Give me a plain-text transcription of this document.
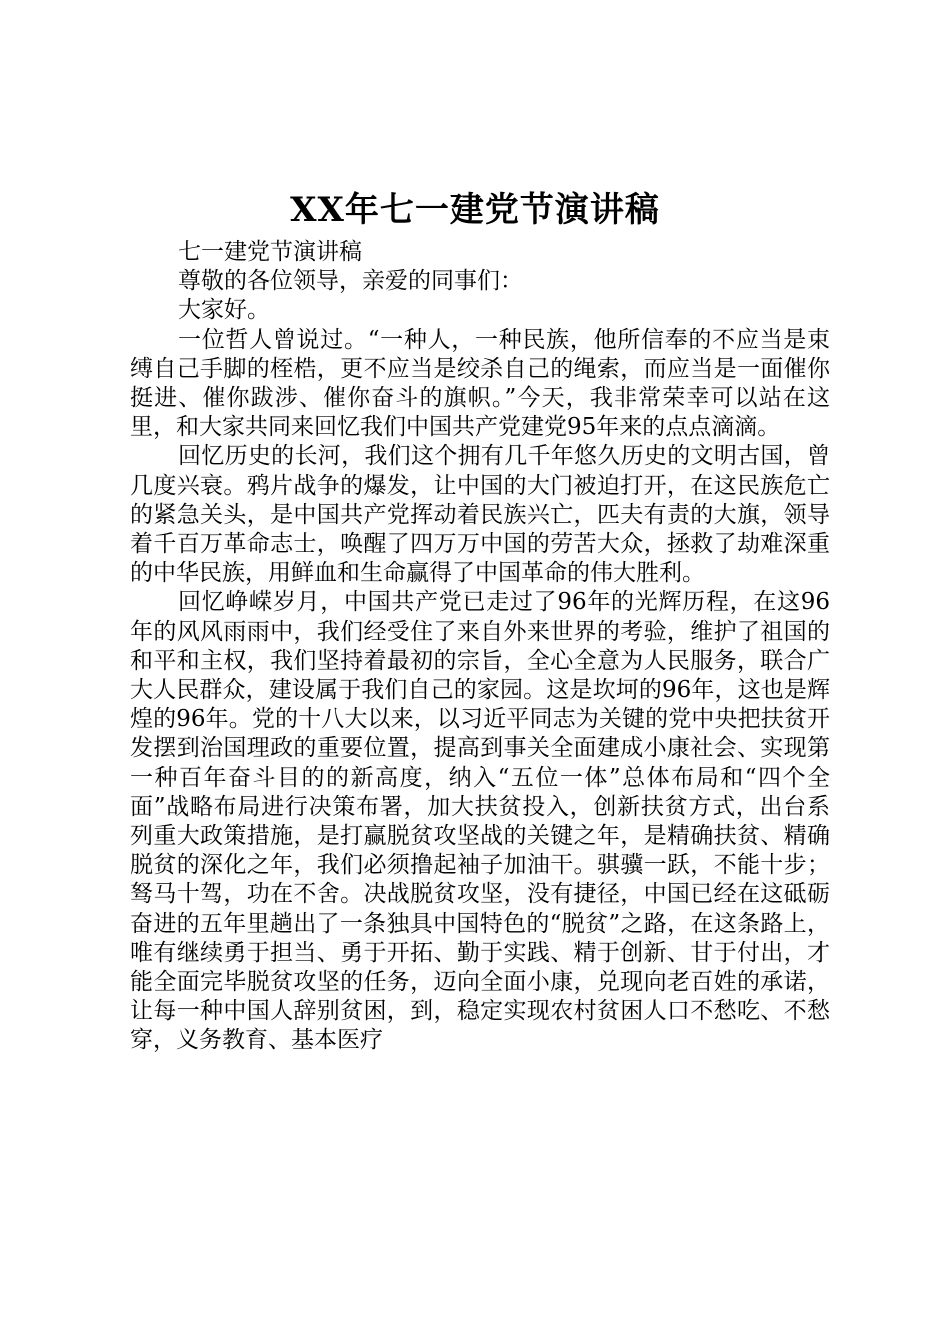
XX年七一建党节演讲稿

七一建党节演讲稿

尊敬的各位领导，亲爱的同事们：

大家好。

一位哲人曾说过。“一种人，一种民族，他所信奉的不应当是束缚自己手脚的桎梏，更不应当是绞杀自己的绳索，而应当是一面催你挺进、催你跋涉、催你奋斗的旗帜。”今天，我非常荣幸可以站在这里，和大家共同来回忆我们中国共产党建党95年来的点点滴滴。

回忆历史的长河，我们这个拥有几千年悠久历史的文明古国，曾几度兴衰。鸦片战争的爆发，让中国的大门被迫打开，在这民族危亡的紧急关头，是中国共产党挥动着民族兴亡，匹夫有责的大旗，领导着千百万革命志士，唤醒了四万万中国的劳苦大众，拯救了劫难深重的中华民族，用鲜血和生命赢得了中国革命的伟大胜利。

回忆峥嵘岁月，中国共产党已走过了96年的光辉历程，在这96年的风风雨雨中，我们经受住了来自外来世界的考验，维护了祖国的和平和主权，我们坚持着最初的宗旨，全心全意为人民服务，联合广大人民群众，建设属于我们自己的家园。这是坎坷的96年，这也是辉煌的96年。党的十八大以来，以习近平同志为关键的党中央把扶贫开发摆到治国理政的重要位置，提高到事关全面建成小康社会、实现第一种百年奋斗目的的新高度，纳入“五位一体”总体布局和“四个全面”战略布局进行决策布署，加大扶贫投入，创新扶贫方式，出台系列重大政策措施，是打赢脱贫攻坚战的关键之年，是精确扶贫、精确脱贫的深化之年，我们必须撸起袖子加油干。骐骥一跃，不能十步；驽马十驾，功在不舍。决战脱贫攻坚，没有捷径，中国已经在这砥砺奋进的五年里趟出了一条独具中国特色的“脱贫”之路，在这条路上，唯有继续勇于担当、勇于开拓、勤于实践、精于创新、甘于付出，才能全面完毕脱贫攻坚的任务，迈向全面小康，兑现向老百姓的承诺，让每一种中国人辞别贫困，到，稳定实现农村贫困人口不愁吃、不愁穿，义务教育、基本医疗
